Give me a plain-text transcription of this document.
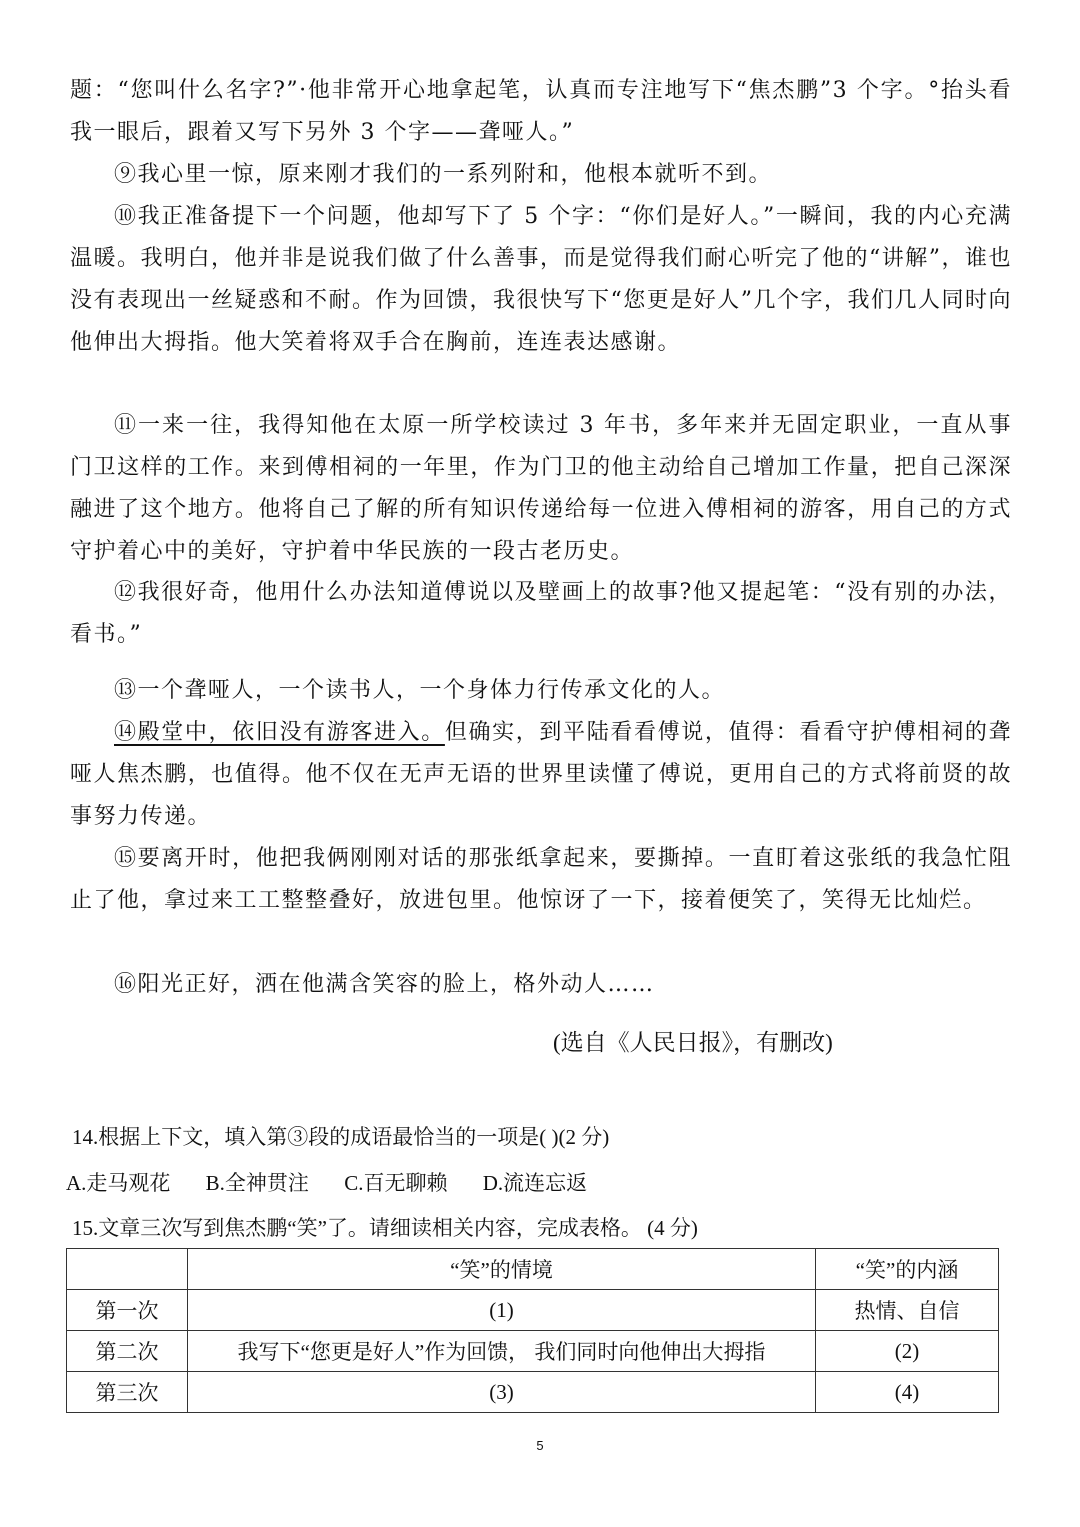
题：“您叫什么名字?”·他非常开心地拿起笔，认真而专注地写下“焦杰鹏”3 个字。°抬头看我一眼后，跟着又写下另外 3 个字——聋哑人。”

⑨我心里一惊，原来刚才我们的一系列附和，他根本就听不到。

⑩我正准备提下一个问题，他却写下了 5 个字：“你们是好人。”一瞬间，我的内心充满温暖。我明白，他并非是说我们做了什么善事，而是觉得我们耐心听完了他的“讲解”，谁也没有表现出一丝疑惑和不耐。作为回馈，我很快写下“您更是好人”几个字，我们几人同时向他伸出大拇指。他大笑着将双手合在胸前，连连表达感谢。

⑪一来一往，我得知他在太原一所学校读过 3 年书，多年来并无固定职业，一直从事门卫这样的工作。来到傅相祠的一年里，作为门卫的他主动给自己增加工作量，把自己深深融进了这个地方。他将自己了解的所有知识传递给每一位进入傅相祠的游客，用自己的方式守护着心中的美好，守护着中华民族的一段古老历史。

⑫我很好奇，他用什么办法知道傅说以及壁画上的故事?他又提起笔：“没有别的办法，看书。”

⑬一个聋哑人，一个读书人，一个身体力行传承文化的人。

⑭殿堂中，依旧没有游客进入。但确实，到平陆看看傅说，值得：看看守护傅相祠的聋哑人焦杰鹏，也值得。他不仅在无声无语的世界里读懂了傅说，更用自己的方式将前贤的故事努力传递。

⑮要离开时，他把我俩刚刚对话的那张纸拿起来，要撕掉。一直盯着这张纸的我急忙阻止了他，拿过来工工整整叠好，放进包里。他惊讶了一下，接着便笑了，笑得无比灿烂。

⑯阳光正好，洒在他满含笑容的脸上，格外动人……

(选自《人民日报》，有删改)
14.根据上下文，填入第③段的成语最恰当的一项是( )(2 分)
A.走马观花 B.全神贯注 C.百无聊赖 D.流连忘返
15.文章三次写到焦杰鹏“笑”了。请细读相关内容，完成表格。 (4 分)
	“笑”的情境	“笑”的内涵
第一次	(1)	热情、自信
第二次	我写下“您更是好人”作为回馈， 我们同时向他伸出大拇指	(2)
第三次	(3)	(4)
5
